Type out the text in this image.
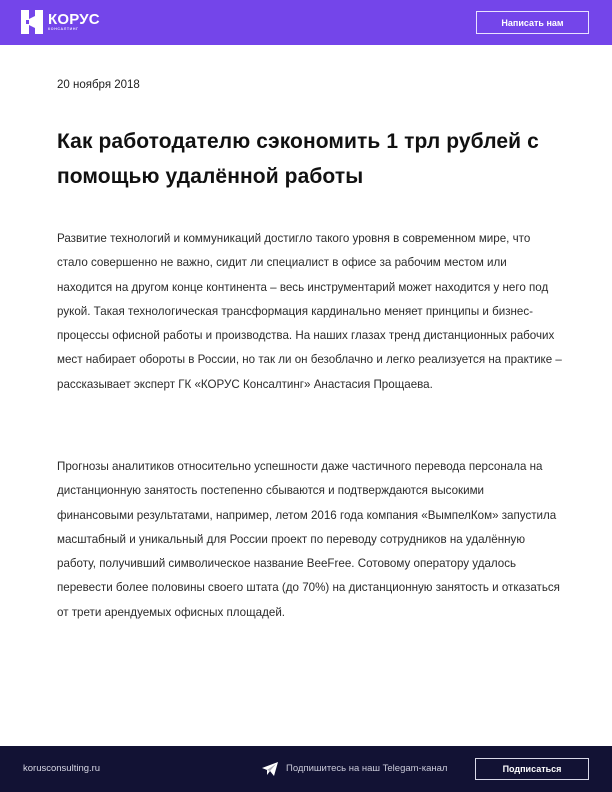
КОРУС
КОНСАЛТИНГ
Написать нам
20 ноября 2018
Как работодателю сэкономить 1 трл рублей с помощью удалённой работы

Развитие технологий и коммуникаций достигло такого уровня в современном мире, что стало совершенно не важно, сидит ли специалист в офисе за рабочим местом или находится на другом конце континента – весь инструментарий может находится у него под рукой. Такая технологическая трансформация кардинально меняет принципы и бизнес-процессы офисной работы и производства. На наших глазах тренд дистанционных рабочих мест набирает обороты в России, но так ли он безоблачно и легко реализуется на практике – рассказывает эксперт ГК «КОРУС Консалтинг» Анастасия Прощаева.

Прогнозы аналитиков относительно успешности даже частичного перевода персонала на дистанционную занятость постепенно сбываются и подтверждаются высокими финансовыми результатами, например, летом 2016 года компания «ВымпелКом» запустила масштабный и уникальный для России проект по переводу сотрудников на удалённую работу, получивший символическое название BeeFree. Сотовому оператору удалось перевести более половины своего штата (до 70%) на дистанционную занятость и отказаться от трети арендуемых офисных площадей.

korusconsulting.ru	Подпишитесь на наш Telegam-канал	Подписаться
